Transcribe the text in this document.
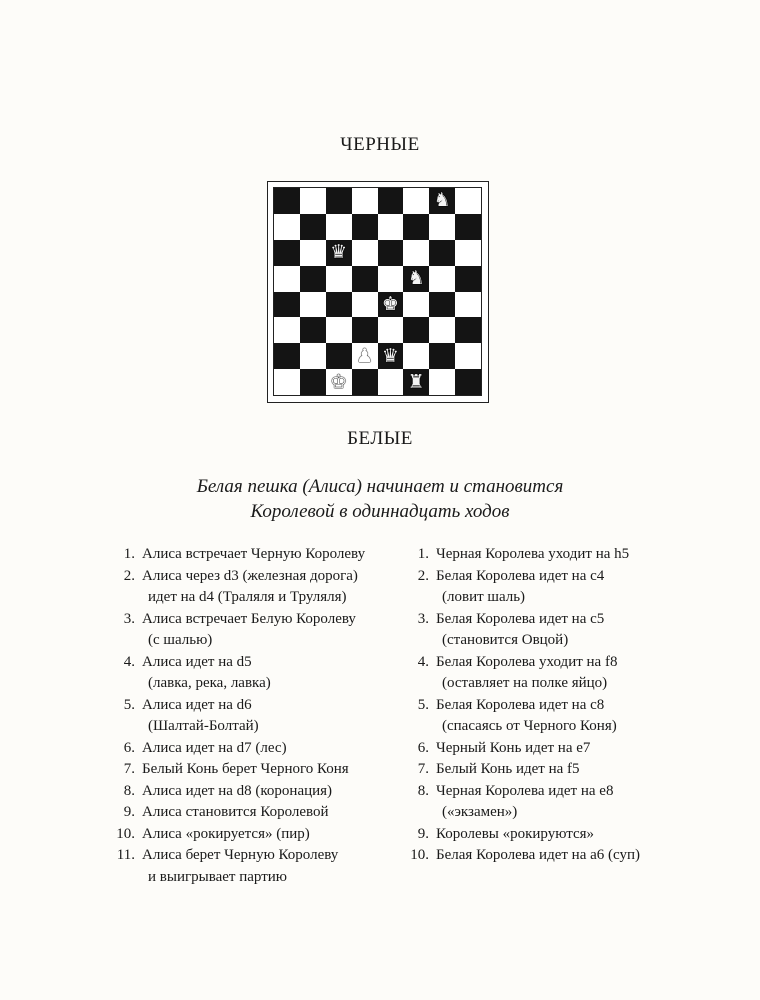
ЧЕРНЫЕ
♞
♛
♞
♚
♟ ♛
♚	♜
БЕЛЫЕ
Белая пешка (Алиса) начинает и становится
Королевой в одиннадцать ходов
1. Алиса встречает Черную Королеву
2. Алиса через d3 (железная дорога)
идет на d4 (Траляля и Труляля)
3. Алиса встречает Белую Королеву
(с шалью)
4. Алиса идет на d5
(лавка, река, лавка)
5. Алиса идет на d6
(Шалтай-Болтай)
6. Алиса идет на d7 (лес)
7. Белый Конь берет Черного Коня
8. Алиса идет на d8 (коронация)
9. Алиса становится Королевой
10. Алиса «рокируется» (пир)
11. Алиса берет Черную Королеву
и выигрывает партию
1. Черная Королева уходит на h5
2. Белая Королева идет на c4
(ловит шаль)
3. Белая Королева идет на c5
(становится Овцой)
4. Белая Королева уходит на f8
(оставляет на полке яйцо)
5. Белая Королева идет на c8
(спасаясь от Черного Коня)
6. Черный Конь идет на e7
7. Белый Конь идет на f5
8. Черная Королева идет на e8
(«экзамен»)
9. Королевы «рокируются»
10. Белая Королева идет на a6 (суп)
